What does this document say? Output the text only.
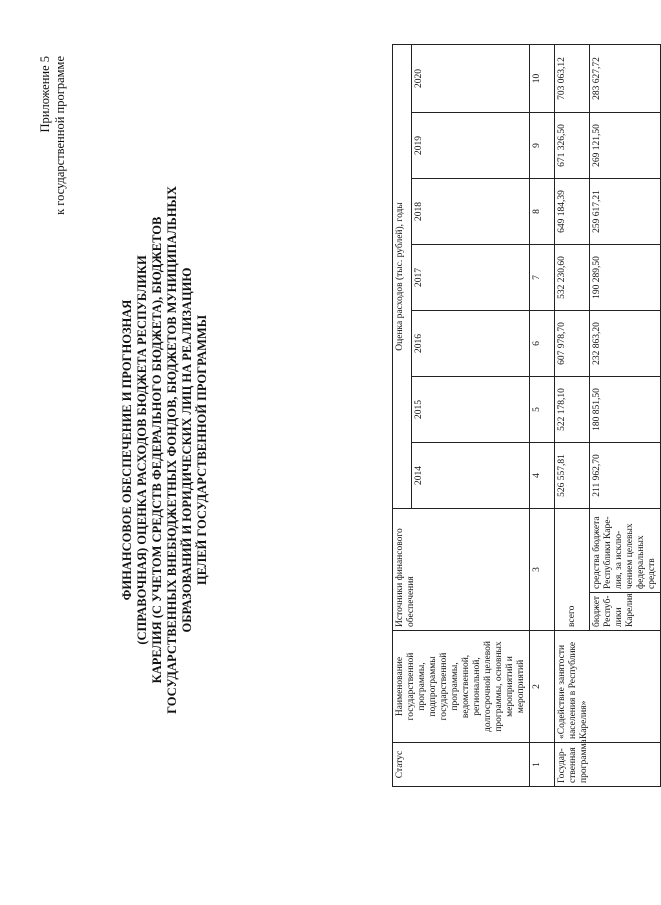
Приложение 5 к государственной программе
ФИНАНСОВОЕ ОБЕСПЕЧЕНИЕ И ПРОГНОЗНАЯ (СПРАВОЧНАЯ) ОЦЕНКА РАСХОДОВ БЮДЖЕТА РЕСПУБЛИКИ КАРЕЛИЯ (С УЧЕТОМ СРЕДСТВ ФЕДЕРАЛЬНОГО БЮДЖЕТА), БЮДЖЕТОВ ГОСУДАРСТВЕННЫХ ВНЕБЮДЖЕТНЫХ ФОНДОВ, БЮДЖЕТОВ МУНИЦИПАЛЬНЫХ ОБРАЗОВАНИЙ И ЮРИДИЧЕСКИХ ЛИЦ НА РЕАЛИЗАЦИЮ ЦЕЛЕЙ ГОСУДАРСТВЕННОЙ ПРОГРАММЫ
Статус	Наименование государственной программы, подпрограммы государственной программы, ведомственной, региональной, долгосрочной целевой программы, основных мероприятий и мероприятий	Источники финансового обеспечения		Оценка расходов (тыс. рублей), годы						
				2014	2015	2016	2017	2018	2019	2020
1	2	3		4	5	6	7	8	9	10
Государ-ственная программа	«Содействие занятости населения в Республике Карелия»	всего		526 557,81	522 178,10	607 978,70	532 230,60	649 184,39	671 326,50	703 063,12
		бюджет Респуб-лики Карелия	средства бюджета Республики Каре-лия, за исклю-чением целевых федеральных средств	211 962,70	180 851,50	232 863,20	190 289,50	259 617,21	269 121,50	283 627,72
